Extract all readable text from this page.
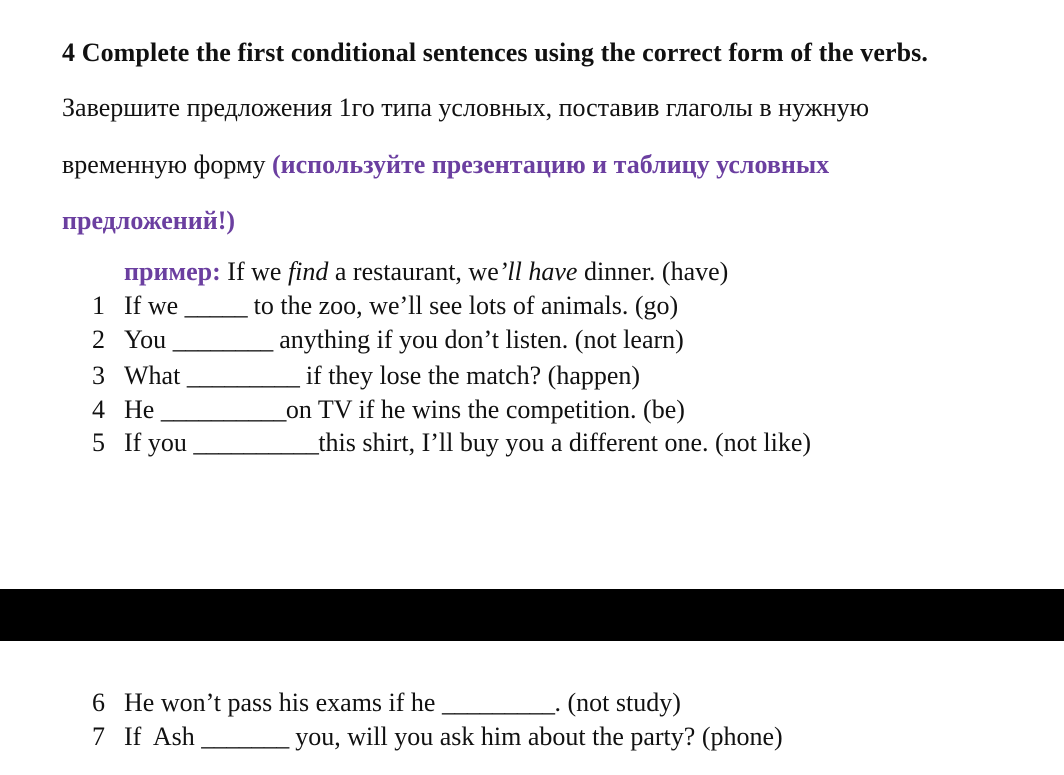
4 Complete the first conditional sentences using the correct form of the verbs.
Завершите предложения 1го типа условных, поставив глаголы в нужную
временную форму (используйте презентацию и таблицу условных
предложений!)
пример: If we find a restaurant, we’ll have dinner. (have)
1 If we _____ to the zoo, we’ll see lots of animals. (go)
2 You ________ anything if you don’t listen. (not learn)
3 What _________ if they lose the match? (happen)
4 He __________on TV if he wins the competition. (be)
5 If you __________this shirt, I’ll buy you a different one. (not like)
6 He won’t pass his exams if he _________. (not study)
7 If  Ash _______ you, will you ask him about the party? (phone)
